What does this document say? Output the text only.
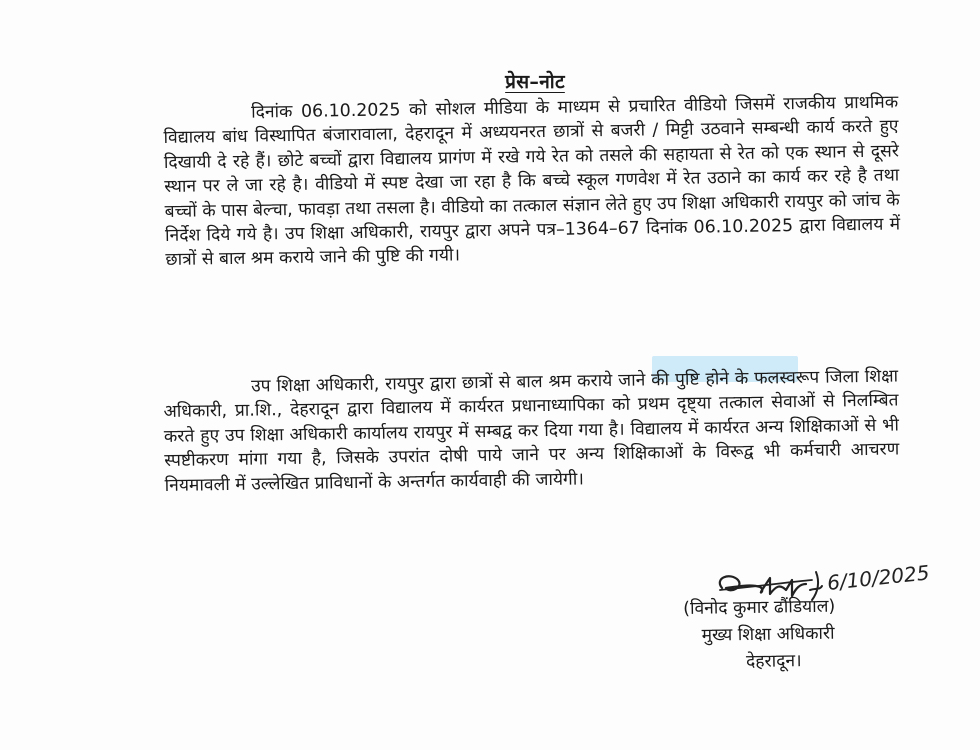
प्रेस–नोट

दिनांक 06.10.2025 को सोशल मीडिया के माध्यम से प्रचारित वीडियो जिसमें राजकीय प्राथमिक विद्यालय बांध विस्थापित बंजारावाला, देहरादून में अध्ययनरत छात्रों से बजरी / मिट्टी उठवाने सम्बन्धी कार्य करते हुए दिखायी दे रहे हैं। छोटे बच्चों द्वारा विद्यालय प्रागंण में रखे गये रेत को तसले की सहायता से रेत को एक स्थान से दूसरे स्थान पर ले जा रहे है। वीडियो में स्पष्ट देखा जा रहा है कि बच्चे स्कूल गणवेश में रेत उठाने का कार्य कर रहे है तथा बच्चों के पास बेल्चा, फावड़ा तथा तसला है। वीडियो का तत्काल संज्ञान लेते हुए उप शिक्षा अधिकारी रायपुर को जांच के निर्देश दिये गये है। उप शिक्षा अधिकारी, रायपुर द्वारा अपने पत्र–1364–67 दिनांक 06.10.2025 द्वारा विद्यालय में छात्रों से बाल श्रम कराये जाने की पुष्टि की गयी।

उप शिक्षा अधिकारी, रायपुर द्वारा छात्रों से बाल श्रम कराये जाने की पुष्टि होने के फलस्वरूप जिला शिक्षा अधिकारी, प्रा.शि., देहरादून द्वारा विद्यालय में कार्यरत प्रधानाध्यापिका को प्रथम दृष्ट्या तत्काल सेवाओं से निलम्बित करते हुए उप शिक्षा अधिकारी कार्यालय रायपुर में सम्बद्व कर दिया गया है। विद्यालय में कार्यरत अन्य शिक्षिकाओं से भी स्पष्टीकरण मांगा गया है, जिसके उपरांत दोषी पाये जाने पर अन्य शिक्षिकाओं के विरूद्व भी कर्मचारी आचरण नियमावली में उल्लेखित प्राविधानों के अन्तर्गत कार्यवाही की जायेगी।

6/10/2025
(विनोद कुमार ढौंडियाल)
मुख्य शिक्षा अधिकारी
देहरादून।
